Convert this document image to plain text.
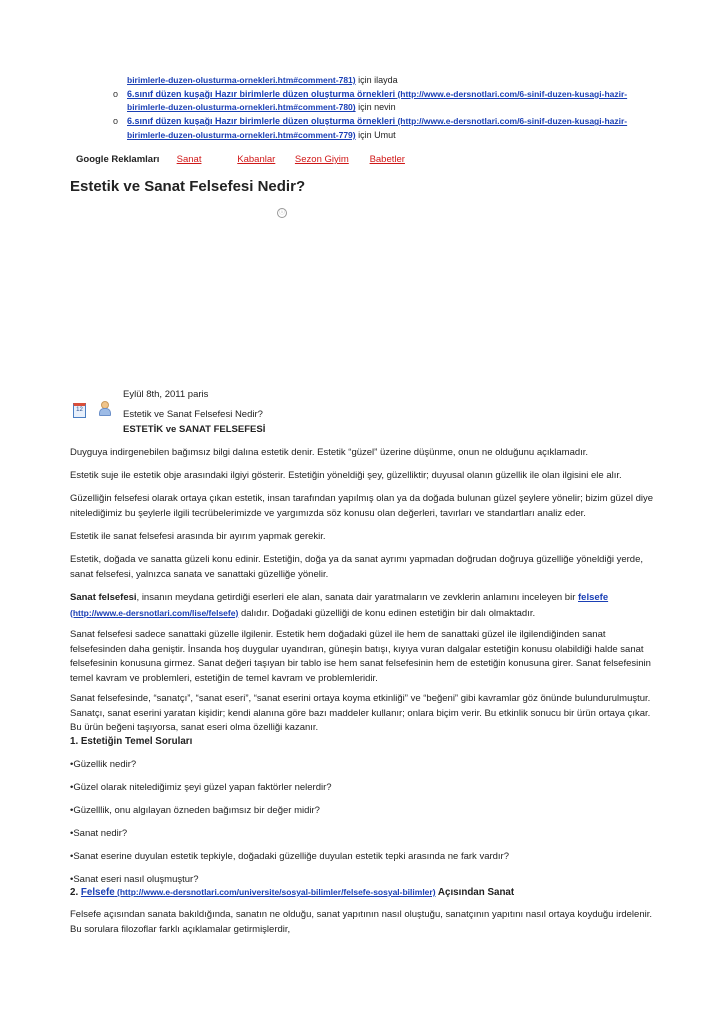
birimlerle-duzen-olusturma-ornekleri.htm#comment-781) için ilayda
o 6.sınıf düzen kuşağı Hazır birimlerle düzen oluşturma örnekleri (http://www.e-dersnotlari.com/6-sinif-duzen-kusagi-hazir-
birimlerle-duzen-olusturma-ornekleri.htm#comment-780) için nevin
o 6.sınıf düzen kuşağı Hazır birimlerle düzen oluşturma örnekleri (http://www.e-dersnotlari.com/6-sinif-duzen-kusagi-hazir-
birimlerle-duzen-olusturma-ornekleri.htm#comment-779) için Umut
Google Reklamları Sanat	Kabanlar Sezon Giyim Babetler
Estetik ve Sanat Felsefesi Nedir?
ⓘ
Eylül 8th, 2011 paris
12	Estetik ve Sanat Felsefesi Nedir?
ESTETİK ve SANAT FELSEFESİ

Duyguya indirgenebilen bağımsız bilgi dalına estetik denir. Estetik “güzel” üzerine düşünme, onun ne olduğunu açıklamadır.

Estetik suje ile estetik obje arasındaki ilgiyi gösterir. Estetiğin yöneldiği şey, güzelliktir; duyusal olanın güzellik ile olan ilgisini ele alır.

Güzelliğin felsefesi olarak ortaya çıkan estetik, insan tarafından yapılmış olan ya da doğada bulunan güzel şeylere yönelir; bizim güzel diye nitelediğimiz bu şeylerle ilgili tecrübelerimizde ve yargımızda söz konusu olan değerleri, tavırları ve standartları analiz eder.

Estetik ile sanat felsefesi arasında bir ayırım yapmak gerekir.

Estetik, doğada ve sanatta güzeli konu edinir. Estetiğin, doğa ya da sanat ayrımı yapmadan doğrudan doğruya güzelliğe yöneldiği yerde, sanat felsefesi, yalnızca sanata ve sanattaki güzelliğe yönelir.

Sanat felsefesi, insanın meydana getirdiği eserleri ele alan, sanata dair yaratmaların ve zevklerin anlamını inceleyen bir felsefe (http://www.e-dersnotlari.com/lise/felsefe) dalıdır. Doğadaki güzelliği de konu edinen estetiğin bir dalı olmaktadır.

Sanat felsefesi sadece sanattaki güzelle ilgilenir. Estetik hem doğadaki güzel ile hem de sanattaki güzel ile ilgilendiğinden sanat felsefesinden daha geniştir. İnsanda hoş duygular uyandıran, güneşin batışı, kıyıya vuran dalgalar estetiğin konusu olabildiği halde sanat felsefesinin konusuna girmez. Sanat değeri taşıyan bir tablo ise hem sanat felsefesinin hem de estetiğin konusuna girer. Sanat felsefesinin temel kavram ve problemleri, estetiğin de temel kavram ve problemleridir.

Sanat felsefesinde, “sanatçı”, “sanat eseri”, “sanat eserini ortaya koyma etkinliği” ve “beğeni” gibi kavramlar göz önünde bulundurulmuştur. Sanatçı, sanat eserini yaratan kişidir; kendi alanına göre bazı maddeler kullanır; onlara biçim verir. Bu etkinlik sonucu bir ürün ortaya çıkar. Bu ürün beğeni taşıyorsa, sanat eseri olma özelliği kazanır.

1. Estetiğin Temel Soruları

•Güzellik nedir?

•Güzel olarak nitelediğimiz şeyi güzel yapan faktörler nelerdir?

•Güzelllik, onu algılayan özneden bağımsız bir değer midir?

•Sanat nedir?

•Sanat eserine duyulan estetik tepkiyle, doğadaki güzelliğe duyulan estetik tepki arasında ne fark vardır?

•Sanat eseri nasıl oluşmuştur?

2. Felsefe (http://www.e-dersnotlari.com/universite/sosyal-bilimler/felsefe-sosyal-bilimler) Açısından Sanat

Felsefe açısından sanata bakıldığında, sanatın ne olduğu, sanat yapıtının nasıl oluştuğu, sanatçının yapıtını nasıl ortaya koyduğu irdelenir. Bu sorulara filozoflar farklı açıklamalar getirmişlerdir,
